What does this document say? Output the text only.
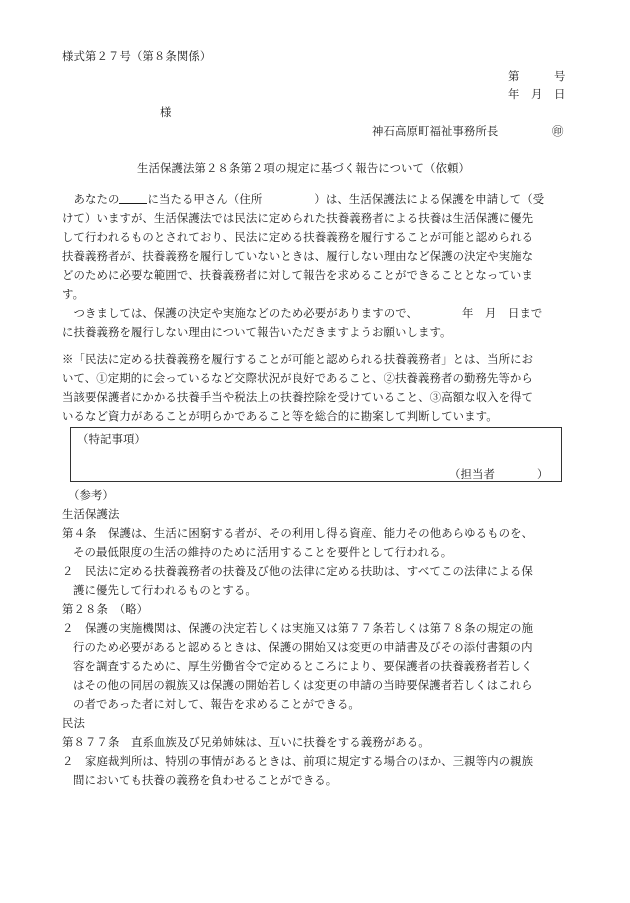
様式第２７号（第８条関係）
第　　　号
年　月　日
様
神石高原町福祉事務所長	㊞
生活保護法第２８条第２項の規定に基づく報告について（依頼）
　あなたの に当たる甲さん（住所	）は、生活保護法による保護を申請して（受
けて）いますが、生活保護法では民法に定められた扶養義務者による扶養は生活保護に優先
して行われるものとされており、民法に定める扶養義務を履行することが可能と認められる
扶養義務者が、扶養義務を履行していないときは、履行しない理由など保護の決定や実施な
どのために必要な範囲で、扶養義務者に対して報告を求めることができることとなっていま
す。
　つきましては、保護の決定や実施などのため必要がありますので、	年　月　日まで
に扶養義務を履行しない理由について報告いただきますようお願いします。
※「民法に定める扶養義務を履行することが可能と認められる扶養義務者」とは、当所にお
いて、①定期的に会っているなど交際状況が良好であること、②扶養義務者の勤務先等から
当該要保護者にかかる扶養手当や税法上の扶養控除を受けていること、③高額な収入を得て
いるなど資力があることが明らかであること等を総合的に勘案して判断しています。
（特記事項）
（担当者	）
（参考）
生活保護法
第４条　保護は、生活に困窮する者が、その利用し得る資産、能力その他あらゆるものを、
その最低限度の生活の維持のために活用することを要件として行われる。
２　民法に定める扶養義務者の扶養及び他の法律に定める扶助は、すべてこの法律による保
護に優先して行われるものとする。
第２８条　（略）
２　保護の実施機関は、保護の決定若しくは実施又は第７７条若しくは第７８条の規定の施
行のため必要があると認めるときは、保護の開始又は変更の申請書及びその添付書類の内
容を調査するために、厚生労働省令で定めるところにより、要保護者の扶養義務者若しく
はその他の同居の親族又は保護の開始若しくは変更の申請の当時要保護者若しくはこれら
の者であった者に対して、報告を求めることができる。
民法
第８７７条　直系血族及び兄弟姉妹は、互いに扶養をする義務がある。
２　家庭裁判所は、特別の事情があるときは、前項に規定する場合のほか、三親等内の親族
間においても扶養の義務を負わせることができる。
